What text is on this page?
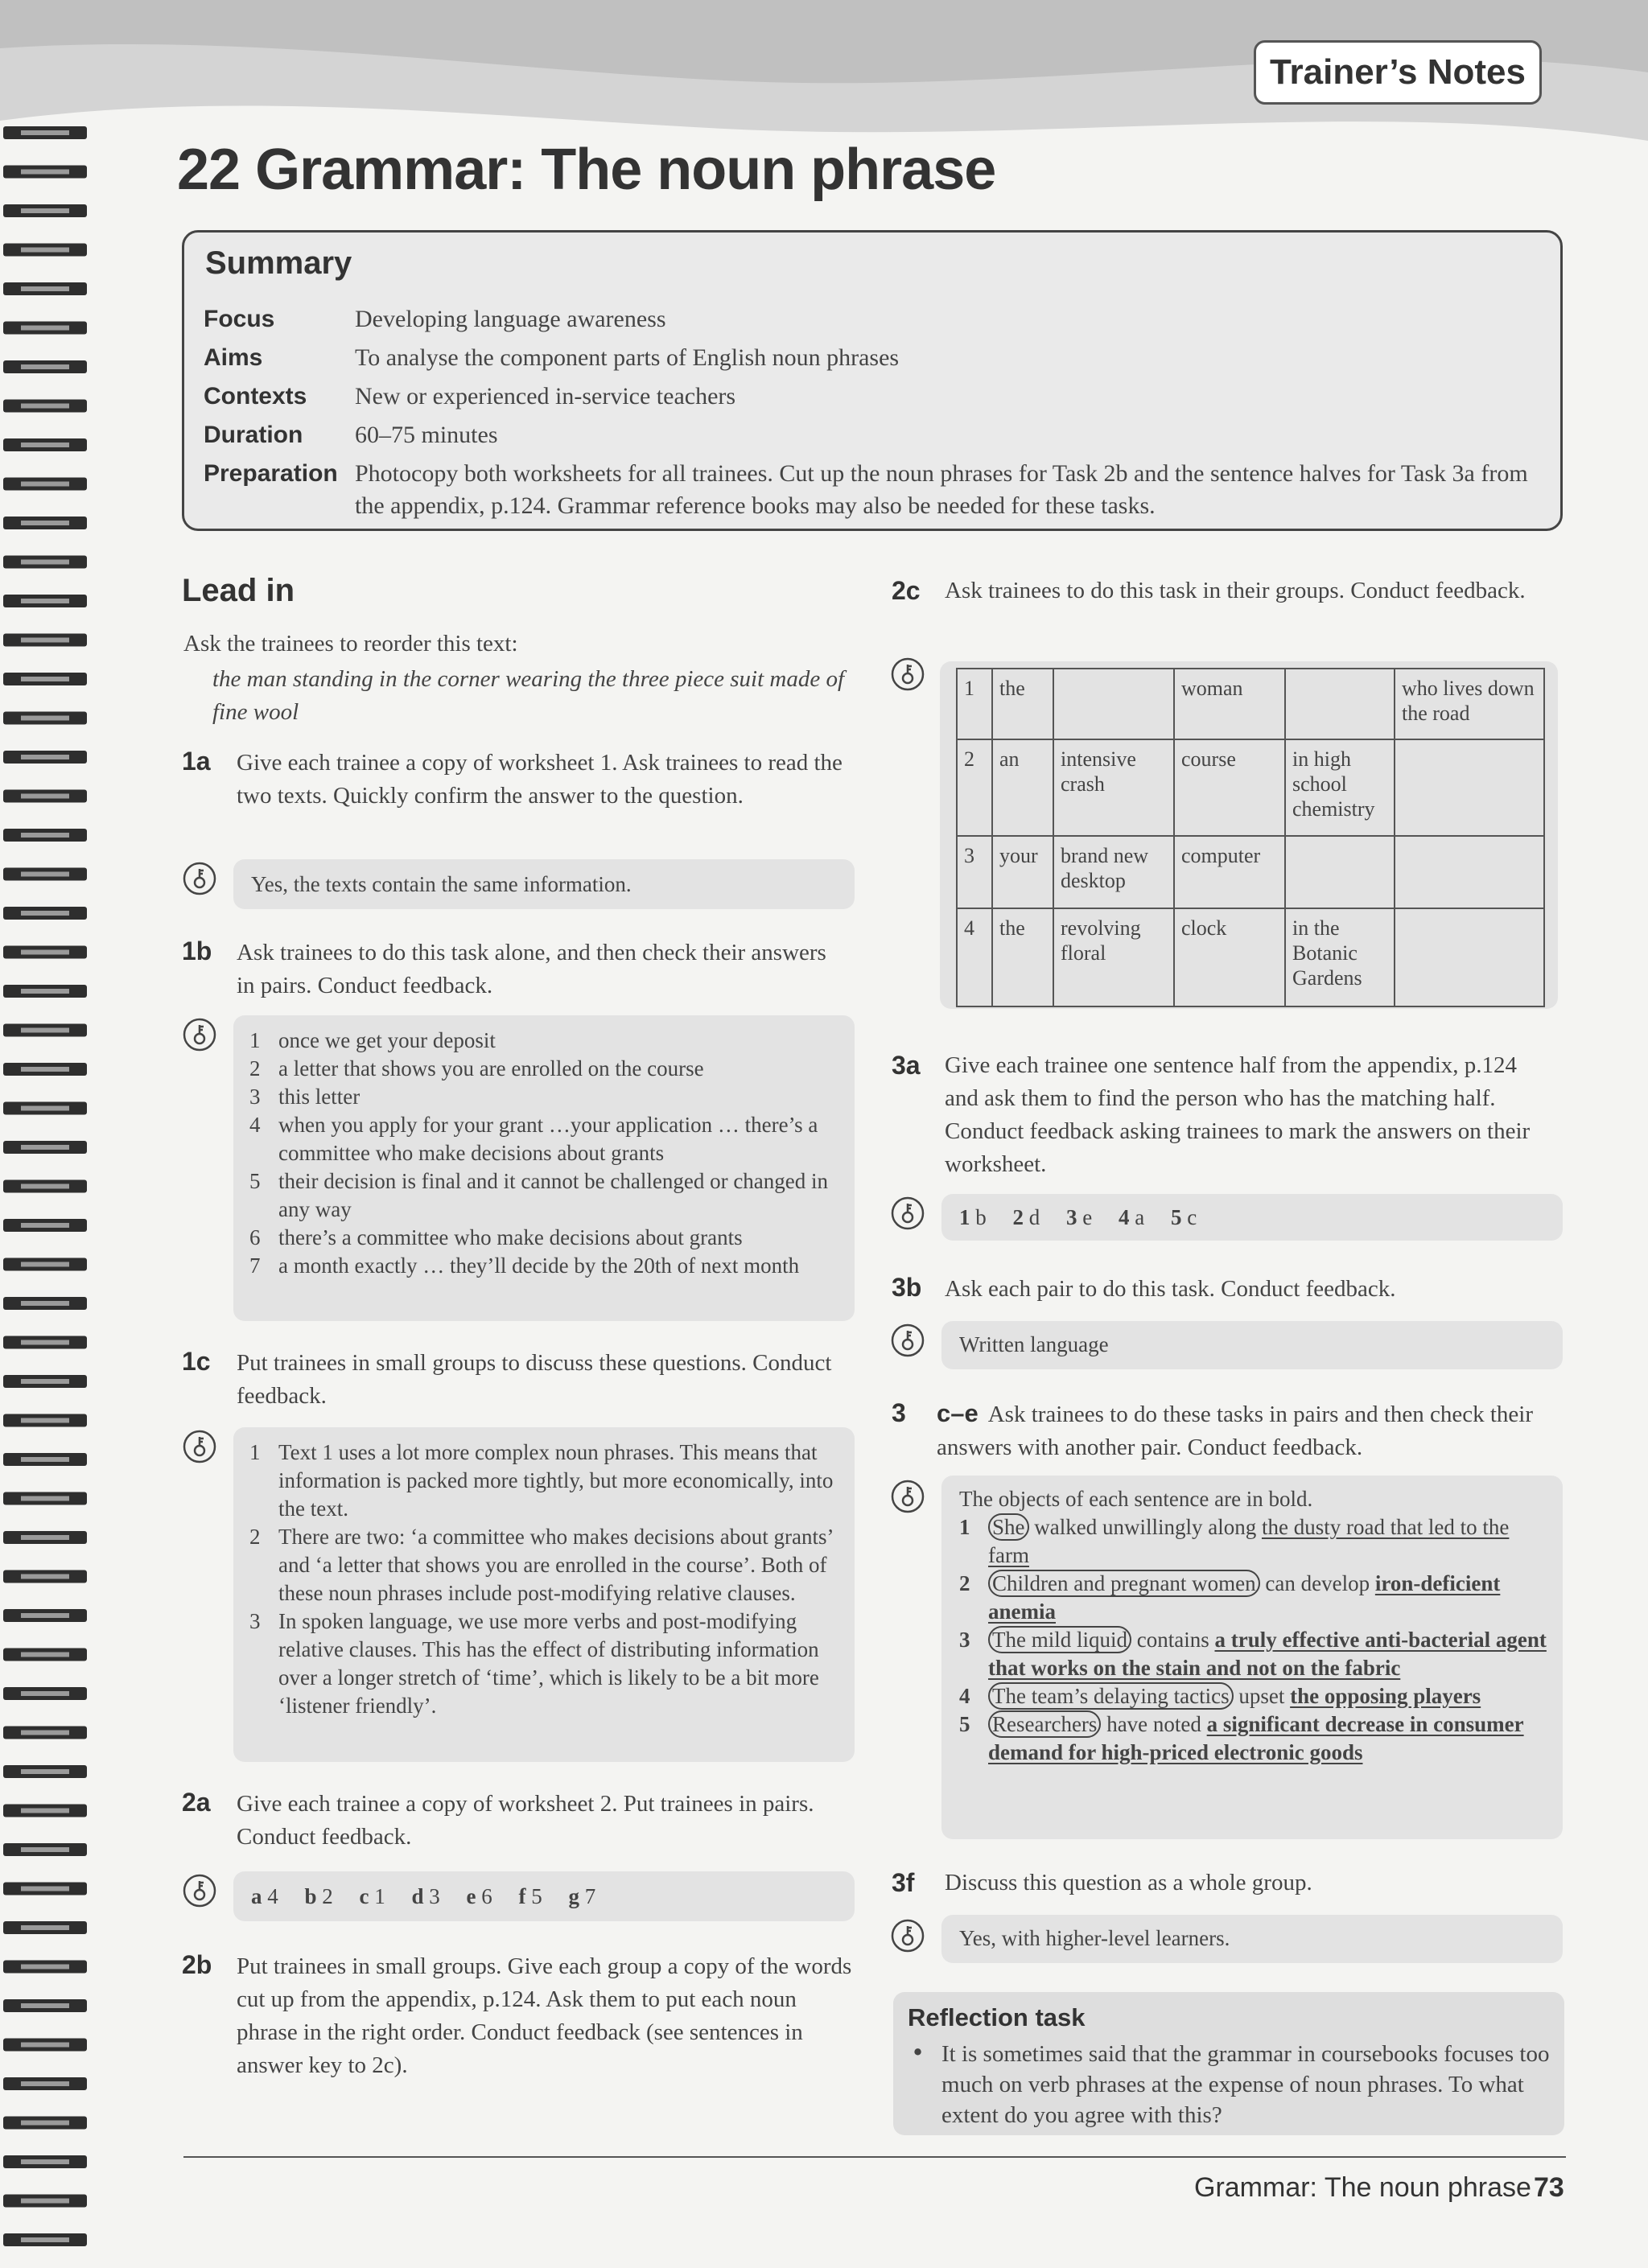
Trainer’s Notes
22 Grammar: The noun phrase
Summary
Focus	Developing language awareness
Aims	To analyse the component parts of English noun phrases
Contexts	New or experienced in-service teachers
Duration	60–75 minutes
Preparation Photocopy both worksheets for all trainees. Cut up the noun phrases for Task 2b and the sentence halves for Task 3a from the appendix, p.124. Grammar reference books may also be needed for these tasks.
Lead in
Ask the trainees to reorder this text:
the man standing in the corner wearing the three piece suit made of fine wool
1a Give each trainee a copy of worksheet 1. Ask trainees to read the two texts. Quickly confirm the answer to the question.
Yes, the texts contain the same information.
1b Ask trainees to do this task alone, and then check their answers in pairs. Conduct feedback.
1 once we get your deposit
2 a letter that shows you are enrolled on the course
3 this letter
4 when you apply for your grant …your application … there’s a committee who make decisions about grants
5 their decision is final and it cannot be challenged or changed in any way
6 there’s a committee who make decisions about grants
7 a month exactly … they’ll decide by the 20th of next month
1c Put trainees in small groups to discuss these questions. Conduct feedback.
1 Text 1 uses a lot more complex noun phrases. This means that information is packed more tightly, but more economically, into the text.
2 There are two: ‘a committee who makes decisions about grants’ and ‘a letter that shows you are enrolled in the course’. Both of these noun phrases include post-modifying relative clauses.
3 In spoken language, we use more verbs and post-modifying relative clauses. This has the effect of distributing information over a longer stretch of ‘time’, which is likely to be a bit more ‘listener friendly’.
2a Give each trainee a copy of worksheet 2. Put trainees in pairs. Conduct feedback.
a 4 b 2 c 1 d 3 e 6 f 5 g 7
2b Put trainees in small groups. Give each group a copy of the words cut up from the appendix, p.124. Ask them to put each noun phrase in the right order. Conduct feedback (see sentences in answer key to 2c).
2c Ask trainees to do this task in their groups. Conduct feedback.
1	the		woman		who lives down the road
2	an	intensive crash	course	in high school chemistry	
3	your	brand new desktop	computer		
4	the	revolving floral	clock	in the Botanic Gardens	
3a Give each trainee one sentence half from the appendix, p.124 and ask them to find the person who has the matching half. Conduct feedback asking trainees to mark the answers on their worksheet.
1 b 2 d 3 e 4 a 5 c
3b Ask each pair to do this task. Conduct feedback.
Written language
3 c–e Ask trainees to do these tasks in pairs and then check their answers with another pair. Conduct feedback.
The objects of each sentence are in bold.
1 She walked unwillingly along the dusty road that led to the farm
2 Children and pregnant women can develop iron-deficient anemia
3 The mild liquid contains a truly effective anti-bacterial agent that works on the stain and not on the fabric
4 The team’s delaying tactics upset the opposing players
5 Researchers have noted a significant decrease in consumer demand for high-priced electronic goods
3f Discuss this question as a whole group.
Yes, with higher-level learners.
Reflection task
• It is sometimes said that the grammar in coursebooks focuses too much on verb phrases at the expense of noun phrases. To what extent do you agree with this?
Grammar: The noun phrase 73
